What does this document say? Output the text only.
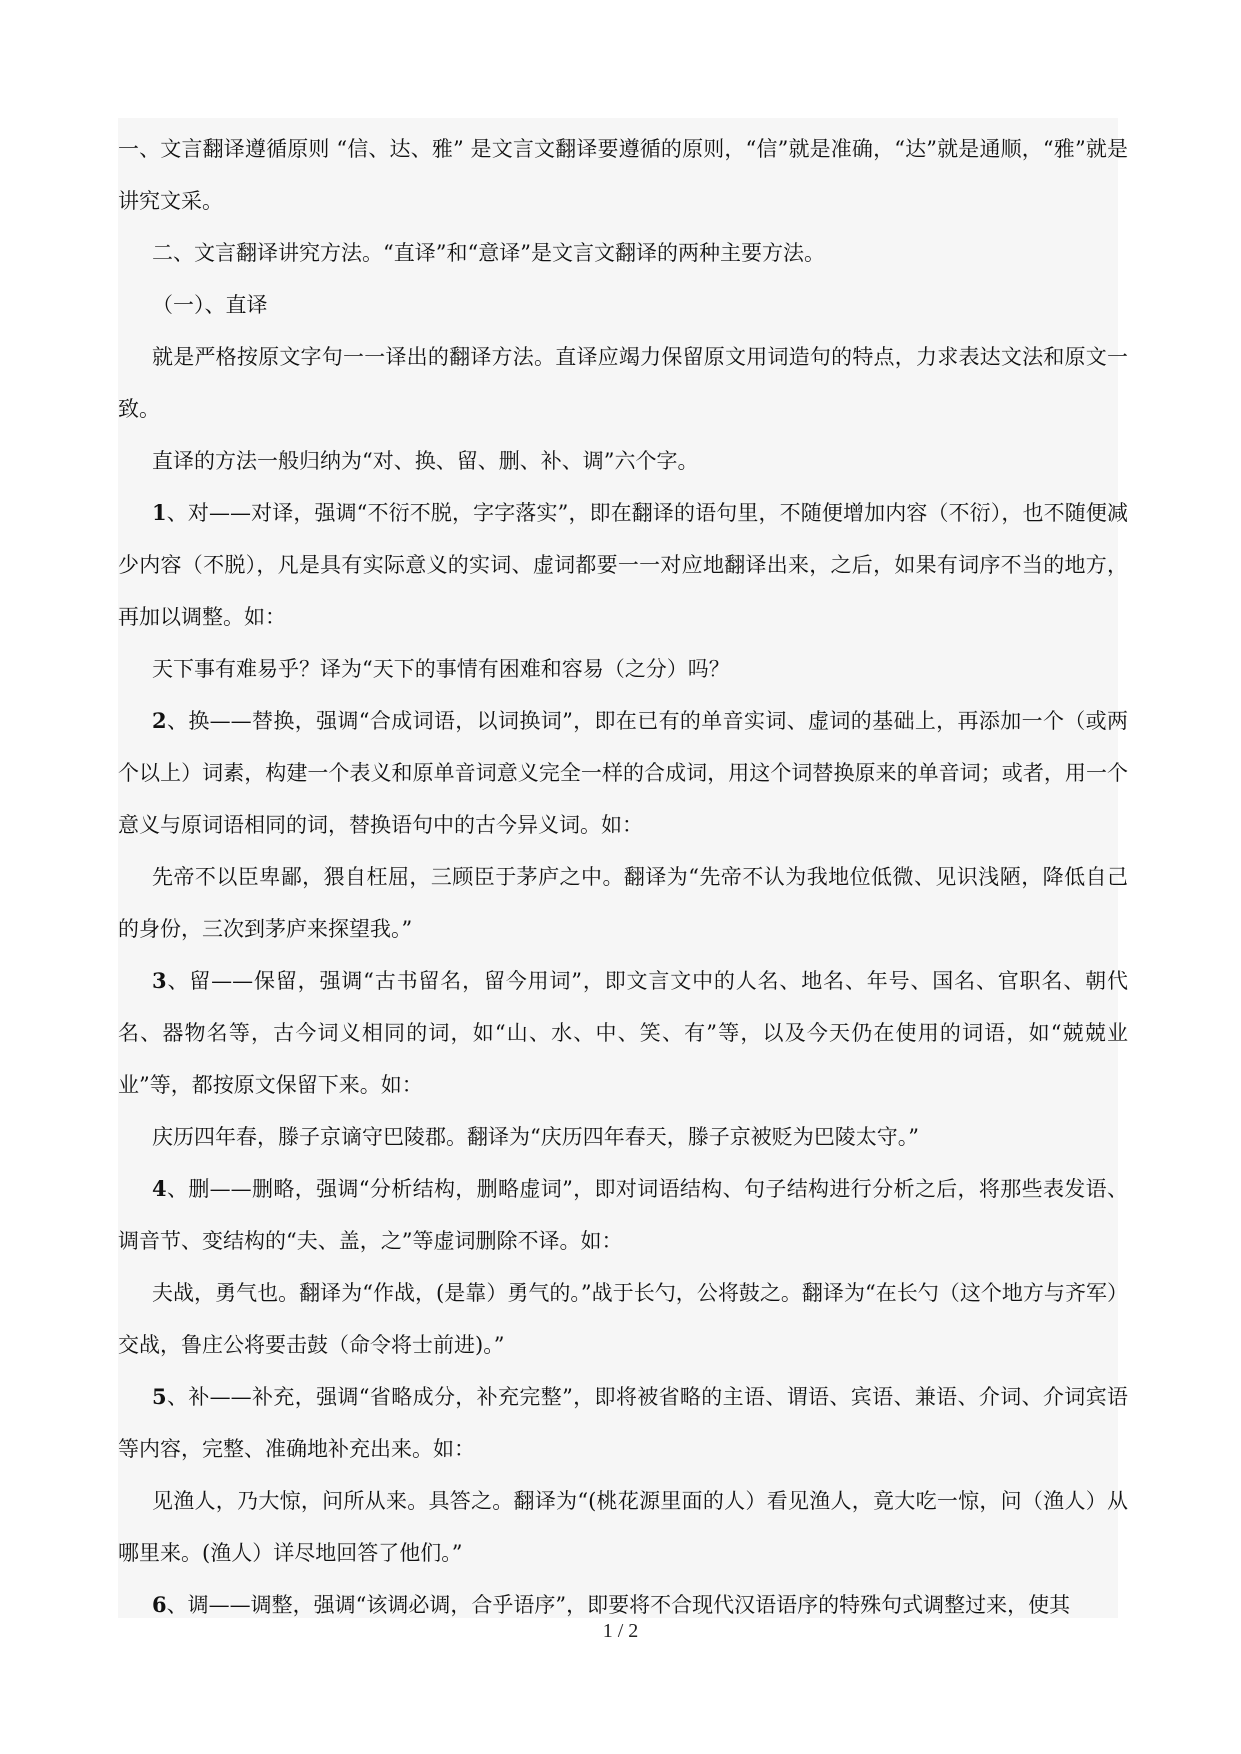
一、文言翻译遵循原则 “信、达、雅” 是文言文翻译要遵循的原则，“信”就是准确，“达”就是通顺，“雅”就是讲究文采。

二、文言翻译讲究方法。“直译”和“意译”是文言文翻译的两种主要方法。

（一）、直译

就是严格按原文字句一一译出的翻译方法。直译应竭力保留原文用词造句的特点，力求表达文法和原文一致。

直译的方法一般归纳为“对、换、留、删、补、调”六个字。

1、对——对译，强调“不衍不脱，字字落实”，即在翻译的语句里，不随便增加内容（不衍），也不随便减少内容（不脱），凡是具有实际意义的实词、虚词都要一一对应地翻译出来，之后，如果有词序不当的地方，再加以调整。如：

天下事有难易乎？译为“天下的事情有困难和容易（之分）吗？

2、换——替换，强调“合成词语，以词换词”，即在已有的单音实词、虚词的基础上，再添加一个（或两个以上）词素，构建一个表义和原单音词意义完全一样的合成词，用这个词替换原来的单音词；或者，用一个意义与原词语相同的词，替换语句中的古今异义词。如：

先帝不以臣卑鄙，猥自枉屈，三顾臣于茅庐之中。翻译为“先帝不认为我地位低微、见识浅陋，降低自己的身份，三次到茅庐来探望我。”

3、留——保留，强调“古书留名，留今用词”，即文言文中的人名、地名、年号、国名、官职名、朝代名、器物名等，古今词义相同的词，如“山、水、中、笑、有”等，以及今天仍在使用的词语，如“兢兢业业”等，都按原文保留下来。如：

庆历四年春，滕子京谪守巴陵郡。翻译为“庆历四年春天，滕子京被贬为巴陵太守。”

4、删——删略，强调“分析结构，删略虚词”，即对词语结构、句子结构进行分析之后，将那些表发语、调音节、变结构的“夫、盖，之”等虚词删除不译。如：

夫战，勇气也。翻译为“作战，(是靠）勇气的。”战于长勺，公将鼓之。翻译为“在长勺（这个地方与齐军）交战，鲁庄公将要击鼓（命令将士前进)。”

5、补——补充，强调“省略成分，补充完整”，即将被省略的主语、谓语、宾语、兼语、介词、介词宾语等内容，完整、准确地补充出来。如：

见渔人，乃大惊，问所从来。具答之。翻译为“(桃花源里面的人）看见渔人，竟大吃一惊，问（渔人）从哪里来。(渔人）详尽地回答了他们。”

6、调——调整，强调“该调必调，合乎语序”，即要将不合现代汉语语序的特殊句式调整过来，使其

1 / 2
